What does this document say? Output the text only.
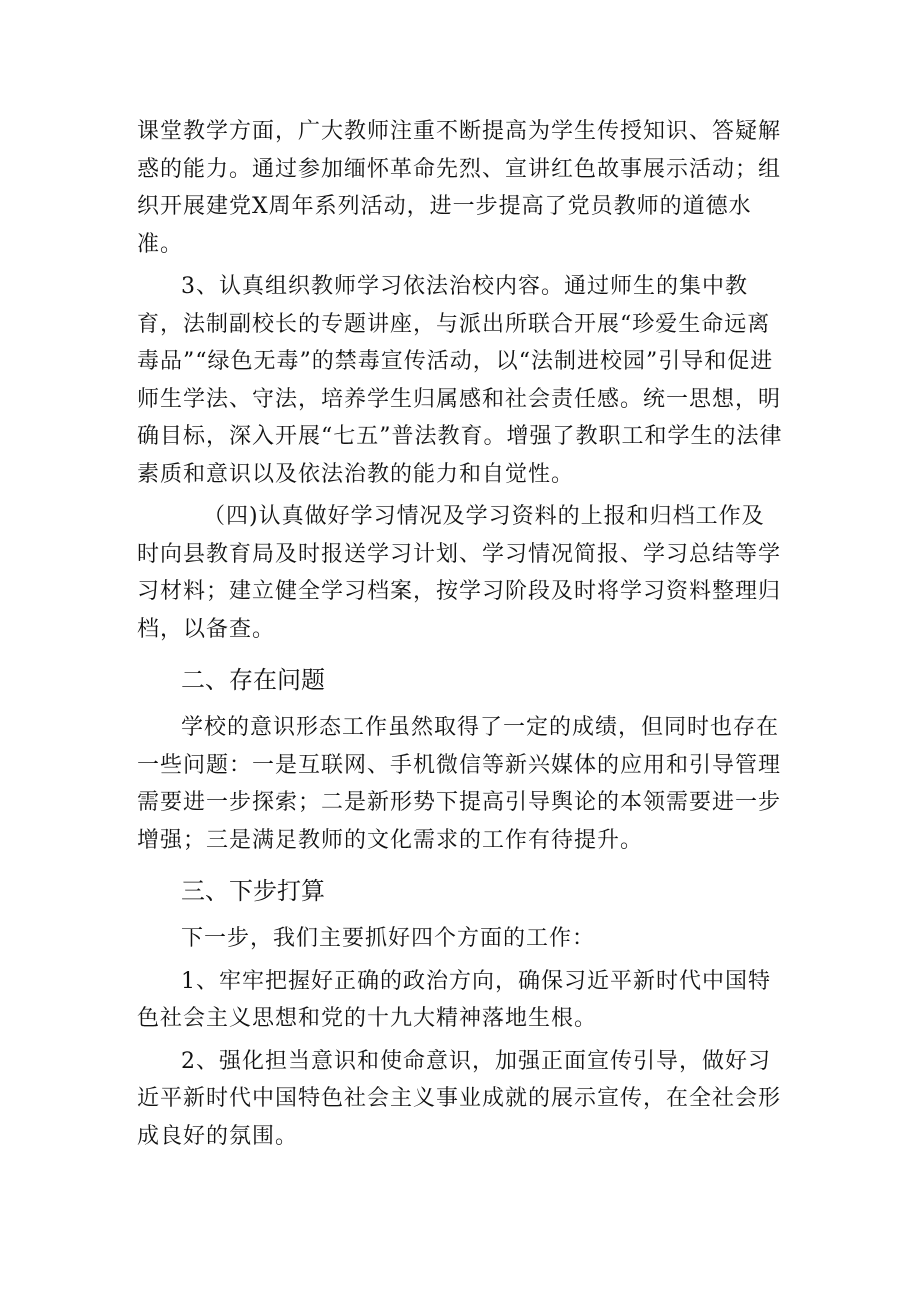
课堂教学方面，广大教师注重不断提高为学生传授知识、答疑解惑的能力。通过参加缅怀革命先烈、宣讲红色故事展示活动；组织开展建党X周年系列活动，进一步提高了党员教师的道德水准。

3、认真组织教师学习依法治校内容。通过师生的集中教育，法制副校长的专题讲座，与派出所联合开展“珍爱生命远离毒品”“绿色无毒”的禁毒宣传活动，以“法制进校园”引导和促进师生学法、守法，培养学生归属感和社会责任感。统一思想，明确目标，深入开展“七五”普法教育。增强了教职工和学生的法律素质和意识以及依法治教的能力和自觉性。

（四)认真做好学习情况及学习资料的上报和归档工作及时向县教育局及时报送学习计划、学习情况简报、学习总结等学习材料；建立健全学习档案，按学习阶段及时将学习资料整理归档，以备查。

二、存在问题

学校的意识形态工作虽然取得了一定的成绩，但同时也存在一些问题：一是互联网、手机微信等新兴媒体的应用和引导管理需要进一步探索；二是新形势下提高引导舆论的本领需要进一步增强；三是满足教师的文化需求的工作有待提升。

三、下步打算

下一步，我们主要抓好四个方面的工作：

1、牢牢把握好正确的政治方向，确保习近平新时代中国特色社会主义思想和党的十九大精神落地生根。

2、强化担当意识和使命意识，加强正面宣传引导，做好习近平新时代中国特色社会主义事业成就的展示宣传，在全社会形成良好的氛围。
